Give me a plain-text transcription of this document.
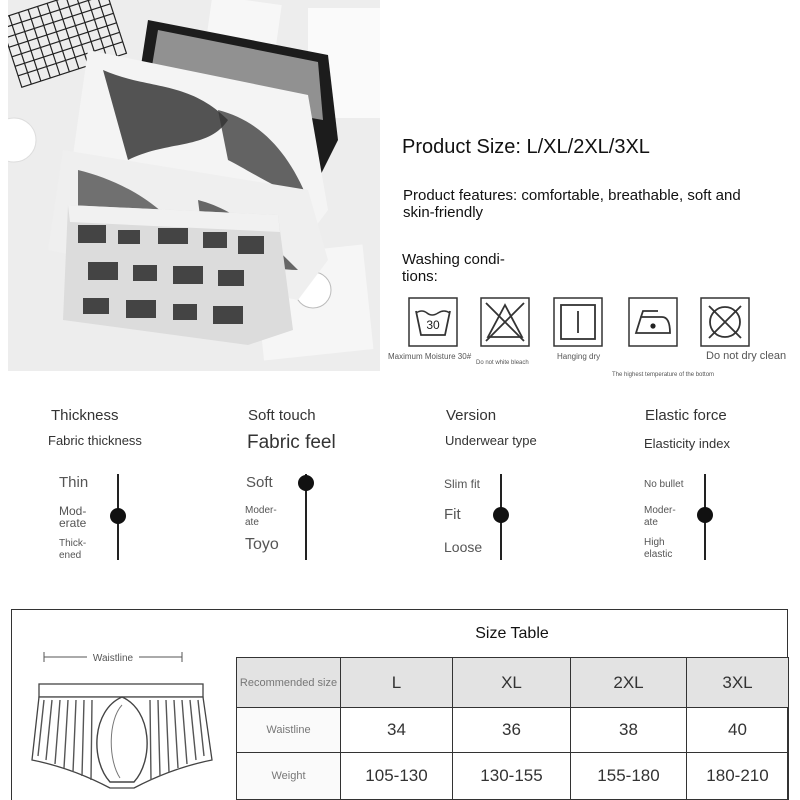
Product Size: L/XL/2XL/3XL
Product features: comfortable, breathable, soft and skin-friendly
Washing condi-tions:
30
Maximum Moisture 30#
Do not white bleach
Hanging dry
The highest temperature of the bottom
Do not dry clean
Thickness
Fabric thickness
Thin
Mod-erate
Thick-ened
Soft touch
Fabric feel
Soft
Moder-ate
Toyo
Version
Underwear type
Slim fit
Fit
Loose
Elastic force
Elasticity index
No bullet
Moder-ate
High elastic
Waistline
Size Table
Recommended size	L	XL	2XL	3XL
Waistline	34	36	38	40
Weight	105-130	130-155	155-180	180-210
